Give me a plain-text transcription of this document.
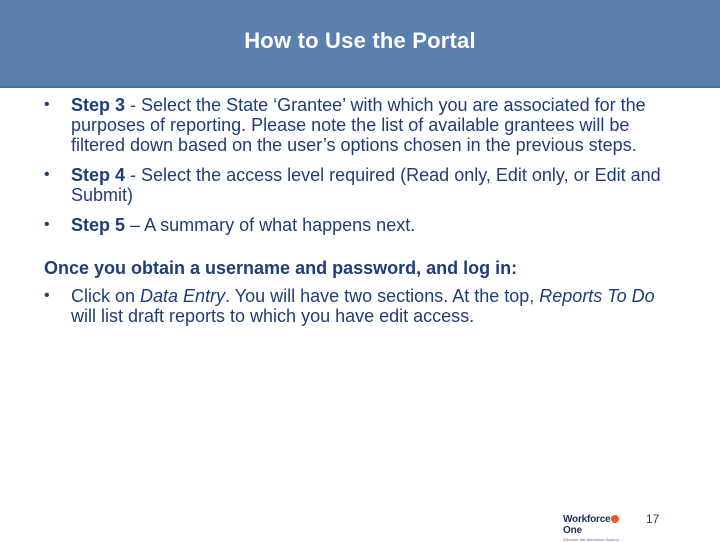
How to Use the Portal
• Step 3 - Select the State ‘Grantee’ with which you are associated for the purposes of reporting. Please note the list of available grantees will be filtered down based on the user’s options chosen in the previous steps.
• Step 4 - Select the access level required (Read only, Edit only, or Edit and Submit)
• Step 5 – A summary of what happens next.
Once you obtain a username and password, and log in:
• Click on Data Entry. You will have two sections. At the top, Reports To Do will list draft reports to which you have edit access.
WorkforceOne
Discover the Workforce System
17
